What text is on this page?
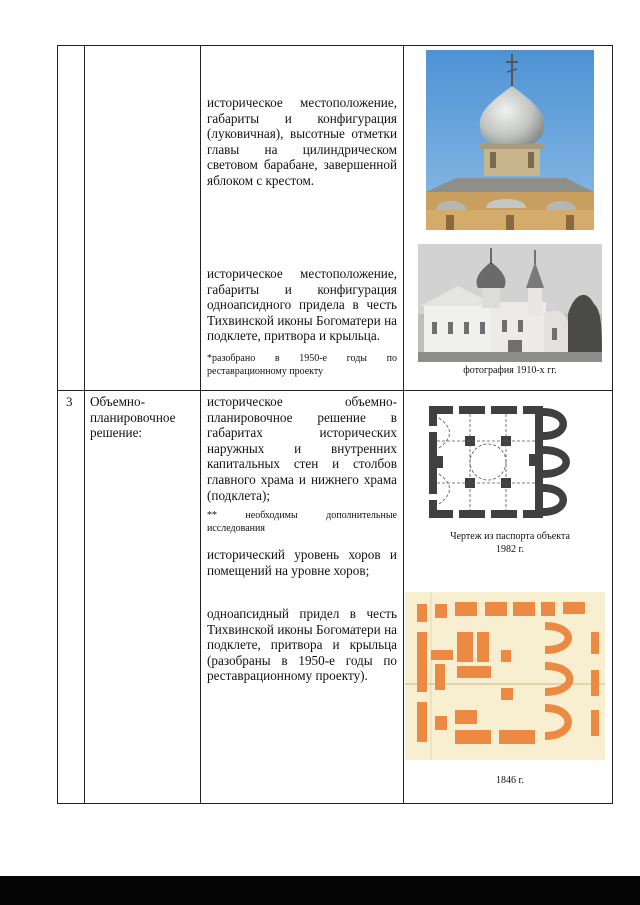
историческое местоположение, габариты и конфигурация (луковичная), высотные отметки главы на цилиндрическом световом барабане, завершенной яблоком с крестом.
историческое местоположение, габариты и конфигурация одноапсидного придела в честь Тихвинской иконы Богоматери на подклете, притвора и крыльца.
*разобрано в 1950-е годы по реставрационному проекту	фотография 1910-х гг.
3 Объемно-планировочное решение:
историческое объемно-планировочное решение в габаритах исторических наружных и внутренних капитальных стен и столбов главного храма и нижнего храма (подклета);
** необходимы дополнительные исследования
исторический уровень хоров и помещений на уровне хоров;
одноапсидный придел в честь Тихвинской иконы Богоматери на подклете, притвора и крыльца (разобраны в 1950-е годы по реставрационному проекту).
Чертеж из паспорта объекта 1982 г.
1846 г.
